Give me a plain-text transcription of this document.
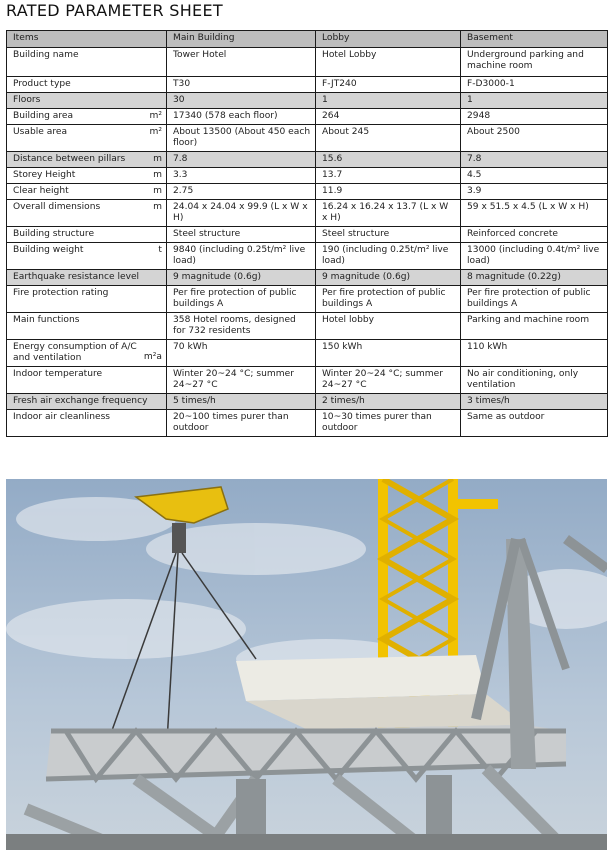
RATED PARAMETER SHEET
Items	Main Building	Lobby	Basement
Building name	Tower Hotel	Hotel Lobby	Underground parking and machine room
Product type	T30	F-JT240	F-D3000-1
Floors	30	1	1
Building area m²	17340 (578 each floor)	264	2948
Usable area m²	About 13500 (About 450 each floor)	About 245	About 2500
Distance between pillars m	7.8	15.6	7.8
Storey Height m	3.3	13.7	4.5
Clear height m	2.75	11.9	3.9
Overall dimensions m	24.04 x 24.04 x 99.9 (L x W x H)	16.24 x 16.24 x 13.7 (L x W x H)	59 x 51.5 x 4.5 (L x W x H)
Building structure	Steel structure	Steel structure	Reinforced concrete
Building weight t	9840 (including 0.25t/m² live load)	190 (including 0.25t/m² live load)	13000 (including 0.4t/m² live load)
Earthquake resistance level	9 magnitude (0.6g)	9 magnitude (0.6g)	8 magnitude (0.22g)
Fire protection rating	Per fire protection of public buildings A	Per fire protection of public buildings A	Per fire protection of public buildings A
Main functions	358 Hotel rooms, designed for 732 residents	Hotel lobby	Parking and machine room
Energy consumption of A/C and ventilation m²a	70 kWh	150 kWh	110 kWh
Indoor temperature	Winter 20~24 °C; summer 24~27 °C	Winter 20~24 °C; summer 24~27 °C	No air conditioning, only ventilation
Fresh air exchange frequency	5 times/h	2 times/h	3 times/h
Indoor air cleanliness	20~100 times purer than outdoor	10~30 times purer than outdoor	Same as outdoor
